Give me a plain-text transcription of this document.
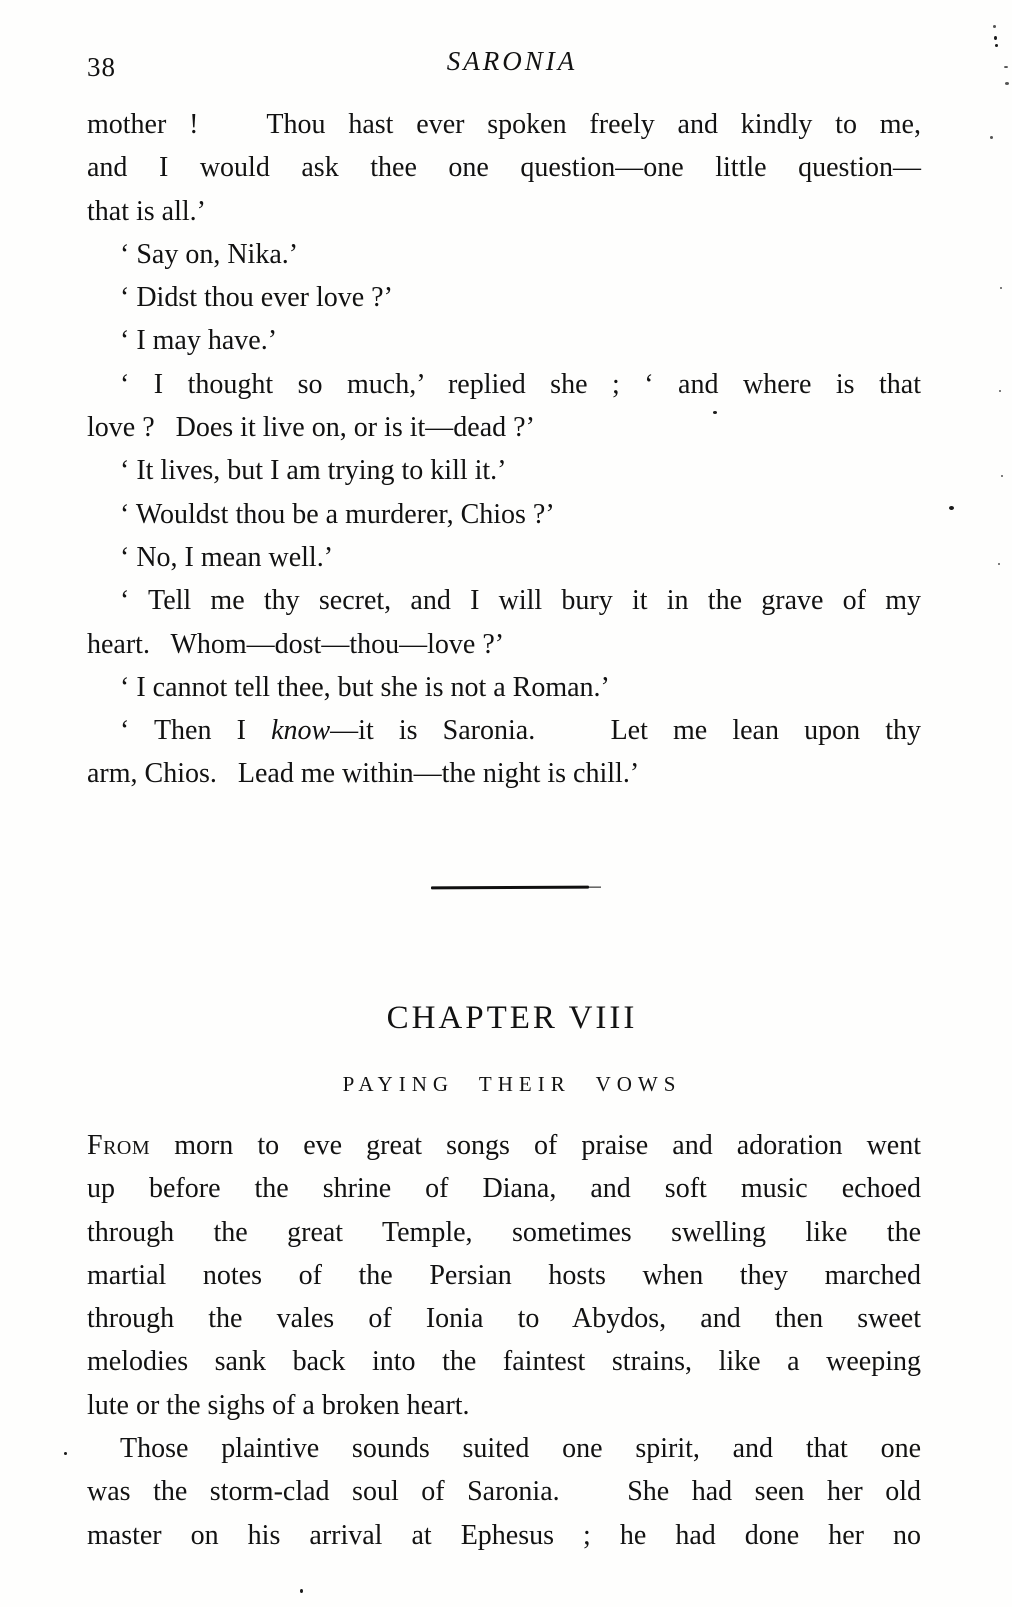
38	SARONIA
mother !   Thou hast ever spoken freely and kindly to me,
and I would ask thee one question—one little question—
that is all.’
‘ Say on, Nika.’
‘ Didst thou ever love ?’
‘ I may have.’
‘ I thought so much,’ replied she ; ‘ and where is that
love ?   Does it live on, or is it—dead ?’
‘ It lives, but I am trying to kill it.’
‘ Wouldst thou be a murderer, Chios ?’
‘ No, I mean well.’
‘ Tell me thy secret, and I will bury it in the grave of my
heart.   Whom—dost—thou—love ?’
‘ I cannot tell thee, but she is not a Roman.’
‘ Then I know—it is Saronia.   Let me lean upon thy
arm, Chios.   Lead me within—the night is chill.’
CHAPTER VIII
PAYING THEIR VOWS
From morn to eve great songs of praise and adoration went
up before the shrine of Diana, and soft music echoed
through the great Temple, sometimes swelling like the
martial notes of the Persian hosts when they marched
through the vales of Ionia to Abydos, and then sweet
melodies sank back into the faintest strains, like a weeping
lute or the sighs of a broken heart.
Those plaintive sounds suited one spirit, and that one
was the storm-clad soul of Saronia.   She had seen her old
master on his arrival at Ephesus ; he had done her no
